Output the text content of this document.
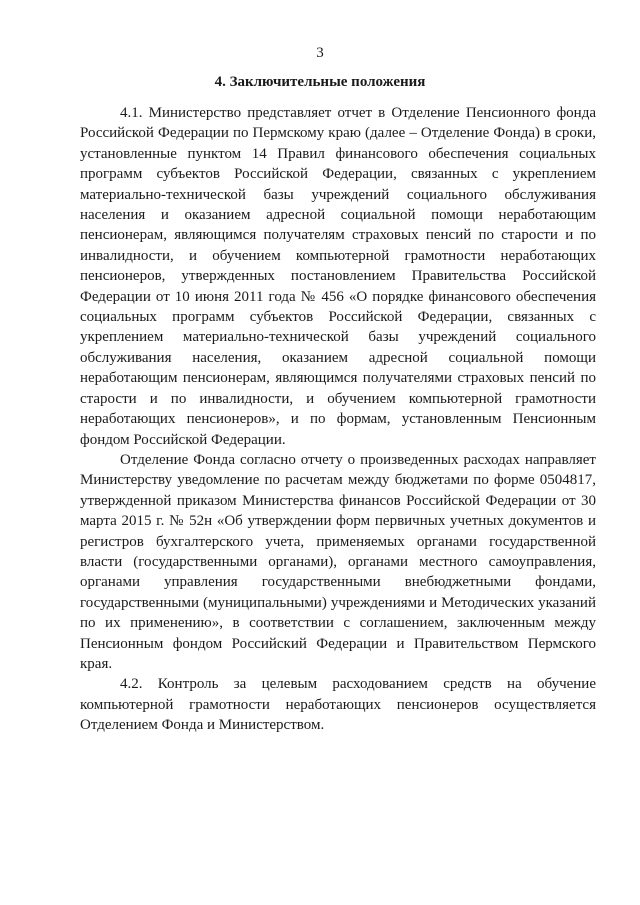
3
4. Заключительные положения

4.1. Министерство представляет отчет в Отделение Пенсионного фонда Российской Федерации по Пермскому краю (далее – Отделение Фонда) в сроки, установленные пунктом 14 Правил финансового обеспечения социальных программ субъектов Российской Федерации, связанных с укреплением материально-технической базы учреждений социального обслуживания населения и оказанием адресной социальной помощи неработающим пенсионерам, являющимся получателям страховых пенсий по старости и по инвалидности, и обучением компьютерной грамотности неработающих пенсионеров, утвержденных постановлением Правительства Российской Федерации от 10 июня 2011 года № 456 «О порядке финансового обеспечения социальных программ субъектов Российской Федерации, связанных с укреплением материально-технической базы учреждений социального обслуживания населения, оказанием адресной социальной помощи неработающим пенсионерам, являющимся получателями страховых пенсий по старости и по инвалидности, и обучением компьютерной грамотности неработающих пенсионеров», и по формам, установленным Пенсионным фондом Российской Федерации.

Отделение Фонда согласно отчету о произведенных расходах направляет Министерству уведомление по расчетам между бюджетами по форме 0504817, утвержденной приказом Министерства финансов Российской Федерации от 30 марта 2015 г. № 52н «Об утверждении форм первичных учетных документов и регистров бухгалтерского учета, применяемых органами государственной власти (государственными органами), органами местного самоуправления, органами управления государственными внебюджетными фондами, государственными (муниципальными) учреждениями и Методических указаний по их применению», в соответствии с соглашением, заключенным между Пенсионным фондом Российский Федерации и Правительством Пермского края.

4.2. Контроль за целевым расходованием средств на обучение компьютерной грамотности неработающих пенсионеров осуществляется Отделением Фонда и Министерством.
